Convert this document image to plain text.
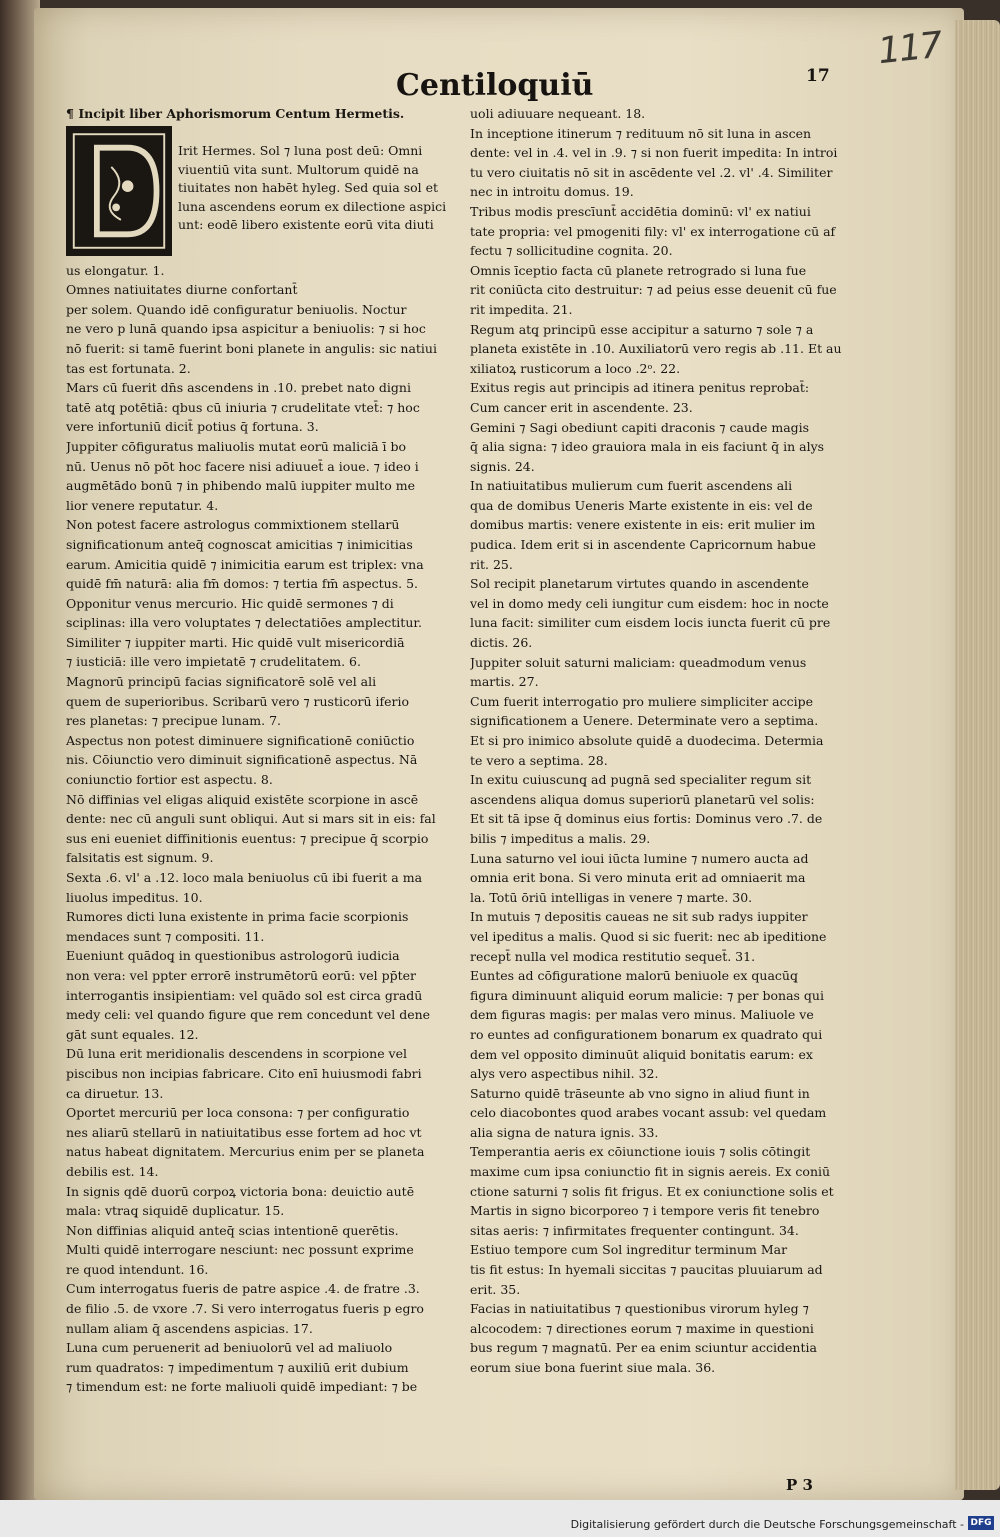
117
Centiloquiū	17
¶ Incipit liber Aphorismorum Centum Hermetis.
us elongatur. 1.
Omnes natiuitates diurne confortant̄
per solem. Quando idē configuratur beniuolis. Noctur
ne vero p lunā quando ipsa aspicitur a beniuolis: ⁊ si hoc
nō fuerit: si tamē fuerint boni planete in angulis: sic natiui
tas est fortunata. 2.
Mars cū fuerit dn̄s ascendens in .10. prebet nato digni
tatē atq̧ potētiā: qbus cū iniuria ⁊ crudelitate vtet̄: ⁊ hoc
vere infortuniū dicit̄ potius q̄ fortuna. 3.
Juppiter cōfiguratus maliuolis mutat eorū maliciā ī bo
nū. Uenus nō pōt hoc facere nisi adiuuet̄ a ioue. ⁊ ideo i
augmētādo bonū ⁊ in phibendo malū iuppiter multo me
lior venere reputatur. 4.
Non potest facere astrologus commixtionem stellarū
significationum anteq̄ cognoscat amicitias ⁊ inimicitias
earum. Amicitia quidē ⁊ inimicitia earum est triplex: vna
quidē fm̄ naturā: alia fm̄ domos: ⁊ tertia fm̄ aspectus. 5.
Opponitur venus mercurio. Hic quidē sermones ⁊ di
sciplinas: illa vero voluptates ⁊ delectatiōes amplectitur.
Similiter ⁊ iuppiter marti. Hic quidē vult misericordiā
⁊ iusticiā: ille vero impietatē ⁊ crudelitatem. 6.
Magnorū principū facias significatorē solē vel ali
quem de superioribus. Scribarū vero ⁊ rusticorū iferio
res planetas: ⁊ precipue lunam. 7.
Aspectus non potest diminuere significationē coniūctio
nis. Cōiunctio vero diminuit significationē aspectus. Nā
coniunctio fortior est aspectu. 8.
Nō diffinias vel eligas aliquid existēte scorpione in ascē
dente: nec cū anguli sunt obliqui. Aut si mars sit in eis: fal
sus eni eueniet diffinitionis euentus: ⁊ precipue q̄ scorpio
falsitatis est signum. 9.
Sexta .6. vl' a .12. loco mala beniuolus cū ibi fuerit a ma
liuolus impeditus. 10.
Rumores dicti luna existente in prima facie scorpionis
mendaces sunt ⁊ compositi. 11.
Eueniunt quādoq̧ in questionibus astrologorū iudicia
non vera: vel ppter errorē instrumētorū eorū: vel pp̄ter
interrogantis insipientiam: vel quādo sol est circa gradū
medy celi: vel quando figure que rem concedunt vel dene
gāt sunt equales. 12.
Dū luna erit meridionalis descendens in scorpione vel
piscibus non incipias fabricare. Cito enī huiusmodi fabri
ca diruetur. 13.
Oportet mercuriū per loca consona: ⁊ per configuratio
nes aliarū stellarū in natiuitatibus esse fortem ad hoc vt
natus habeat dignitatem. Mercurius enim per se planeta
debilis est. 14.
In signis qdē duorū corpoꝝ victoria bona: deuictio autē
mala: vtraq̧ siquidē duplicatur. 15.
Non diffinias aliquid anteq̄ scias intentionē querētis.
Multi quidē interrogare nesciunt: nec possunt exprime
re quod intendunt. 16.
Cum interrogatus fueris de patre aspice .4. de fratre .3.
de filio .5. de vxore .7. Si vero interrogatus fueris p egro
nullam aliam q̄ ascendens aspicias. 17.
Luna cum peruenerit ad beniuolorū vel ad maliuolo
rum quadratos: ⁊ impedimentum ⁊ auxiliū erit dubium
⁊ timendum est: ne forte maliuoli quidē impediant: ⁊ be
Irit Hermes. Sol ⁊ luna post deū: Omni
viuentiū vita sunt. Multorum quidē na
tiuitates non habēt hyleg. Sed quia sol et
luna ascendens eorum ex dilectione aspici
unt: eodē libero existente eorū vita diuti
uoli adiuuare nequeant. 18.
In inceptione itinerum ⁊ redituum nō sit luna in ascen
dente: vel in .4. vel in .9. ⁊ si non fuerit impedita: In introi
tu vero ciuitatis nō sit in ascēdente vel .2. vl' .4. Similiter
nec in introitu domus. 19.
Tribus modis prescīunt̄ accidētia dominū: vl' ex natiui
tate propria: vel pmogeniti fily: vl' ex interrogatione cū af
fectu ⁊ sollicitudine cognita. 20.
Omnis īceptio facta cū planete retrogrado si luna fue
rit coniūcta cito destruitur: ⁊ ad peius esse deuenit cū fue
rit impedita. 21.
Regum atq̧ principū esse accipitur a saturno ⁊ sole ⁊ a
planeta existēte in .10. Auxiliatorū vero regis ab .11. Et au
xiliatoꝝ rusticorum a loco .2ᵒ. 22.
Exitus regis aut principis ad itinera penitus reprobat̄:
Cum cancer erit in ascendente. 23.
Gemini ⁊ Sagi obediunt capiti draconis ⁊ caude magis
q̄ alia signa: ⁊ ideo grauiora mala in eis faciunt q̄ in alys
signis. 24.
In natiuitatibus mulierum cum fuerit ascendens ali
qua de domibus Ueneris Marte existente in eis: vel de
domibus martis: venere existente in eis: erit mulier im
pudica. Idem erit si in ascendente Capricornum habue
rit. 25.
Sol recipit planetarum virtutes quando in ascendente
vel in domo medy celi iungitur cum eisdem: hoc in nocte
luna facit: similiter cum eisdem locis iuncta fuerit cū pre
dictis. 26.
Juppiter soluit saturni maliciam: queadmodum venus
martis. 27.
Cum fuerit interrogatio pro muliere simpliciter accipe
significationem a Uenere. Determinate vero a septima.
Et si pro inimico absolute quidē a duodecima. Determia
te vero a septima. 28.
In exitu cuiuscunq̧ ad pugnā sed specialiter regum sit
ascendens aliqua domus superiorū planetarū vel solis:
Et sit tā ipse q̄ dominus eius fortis: Dominus vero .7. de
bilis ⁊ impeditus a malis. 29.
Luna saturno vel ioui iūcta lumine ⁊ numero aucta ad
omnia erit bona. Si vero minuta erit ad omniaerit ma
la. Totū ōriū intelligas in venere ⁊ marte. 30.
In mutuis ⁊ depositis caueas ne sit sub radys iuppiter
vel ipeditus a malis. Quod si sic fuerit: nec ab ipeditione
recept̄ nulla vel modica restitutio sequet̄. 31.
Euntes ad cōfiguratione malorū beniuole ex quacūq̧
figura diminuunt aliquid eorum malicie: ⁊ per bonas qui
dem figuras magis: per malas vero minus. Maliuole ve
ro euntes ad configurationem bonarum ex quadrato qui
dem vel opposito diminuūt aliquid bonitatis earum: ex
alys vero aspectibus nihil. 32.
Saturno quidē trāseunte ab vno signo in aliud fiunt in
celo diacobontes quod arabes vocant assub: vel quedam
alia signa de natura ignis. 33.
Temperantia aeris ex cōiunctione iouis ⁊ solis cōtingit
maxime cum ipsa coniunctio fit in signis aereis. Ex coniū
ctione saturni ⁊ solis fit frigus. Et ex coniunctione solis et
Martis in signo bicorporeo ⁊ i tempore veris fit tenebro
sitas aeris: ⁊ infirmitates frequenter contingunt. 34.
Estiuo tempore cum Sol ingreditur terminum Mar
tis fit estus: In hyemali siccitas ⁊ paucitas pluuiarum ad
erit. 35.
Facias in natiuitatibus ⁊ questionibus virorum hyleg ⁊
alcocodem: ⁊ directiones eorum ⁊ maxime in questioni
bus regum ⁊ magnatū. Per ea enim sciuntur accidentia
eorum siue bona fuerint siue mala. 36.
P 3
Digitalisierung gefördert durch die Deutsche Forschungsgemeinschaft - DFG
